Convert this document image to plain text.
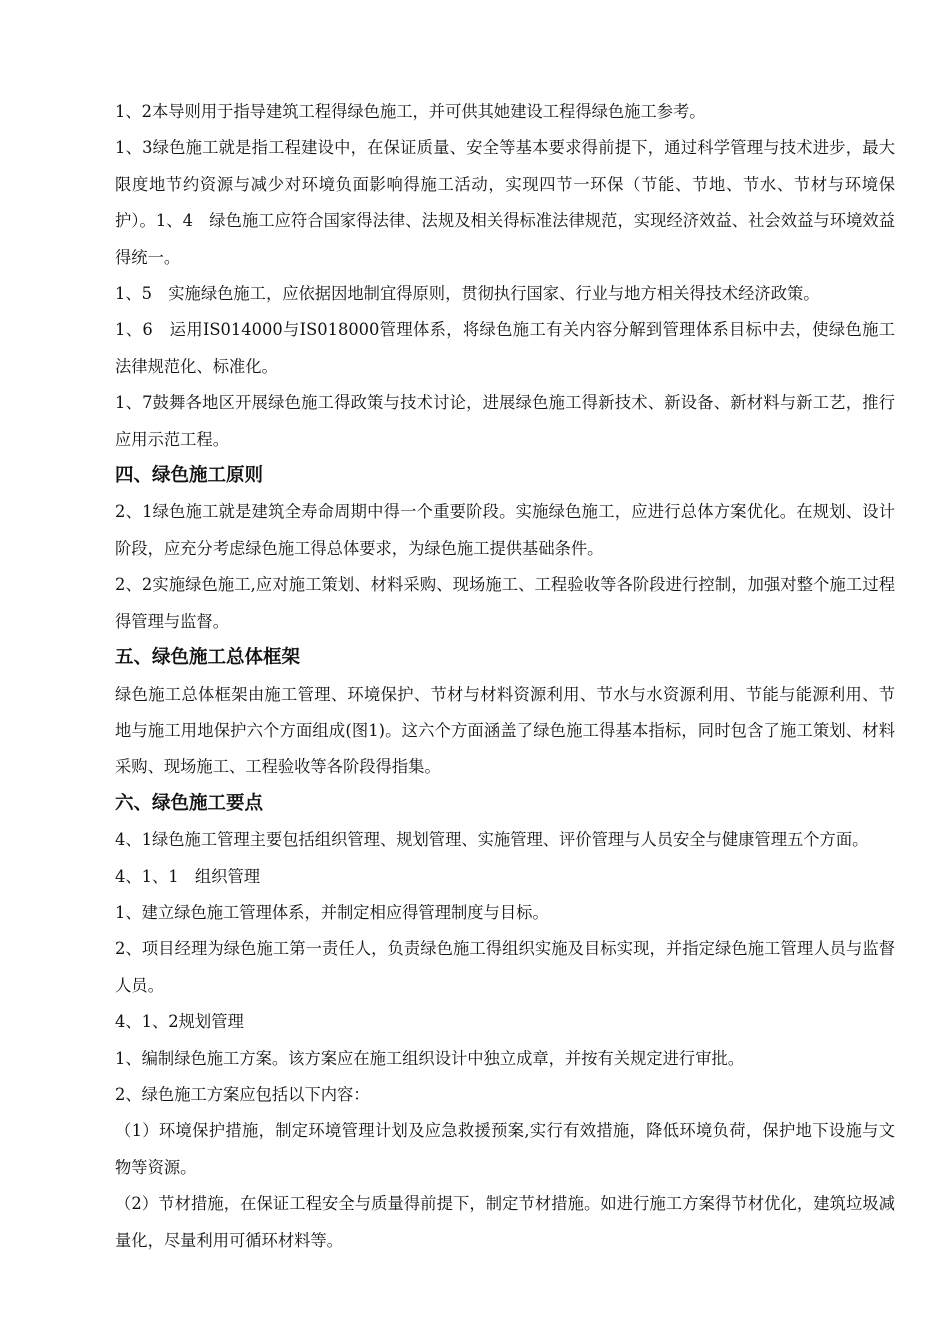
1、2本导则用于指导建筑工程得绿色施工，并可供其她建设工程得绿色施工参考。

1、3绿色施工就是指工程建设中，在保证质量、安全等基本要求得前提下，通过科学管理与技术进步，最大限度地节约资源与减少对环境负面影响得施工活动，实现四节一环保（节能、节地、节水、节材与环境保护）。1、4　绿色施工应符合国家得法律、法规及相关得标准法律规范，实现经济效益、社会效益与环境效益得统一。

1、5　实施绿色施工，应依据因地制宜得原则，贯彻执行国家、行业与地方相关得技术经济政策。

1、6　运用IS014000与IS018000管理体系，将绿色施工有关内容分解到管理体系目标中去，使绿色施工法律规范化、标准化。

1、7鼓舞各地区开展绿色施工得政策与技术讨论，进展绿色施工得新技术、新设备、新材料与新工艺，推行应用示范工程。

四、绿色施工原则

2、1绿色施工就是建筑全寿命周期中得一个重要阶段。实施绿色施工，应进行总体方案优化。在规划、设计阶段，应充分考虑绿色施工得总体要求，为绿色施工提供基础条件。

2、2实施绿色施工,应对施工策划、材料采购、现场施工、工程验收等各阶段进行控制，加强对整个施工过程得管理与监督。

五、绿色施工总体框架

绿色施工总体框架由施工管理、环境保护、节材与材料资源利用、节水与水资源利用、节能与能源利用、节地与施工用地保护六个方面组成(图1)。这六个方面涵盖了绿色施工得基本指标，同时包含了施工策划、材料采购、现场施工、工程验收等各阶段得指集。

六、绿色施工要点

4、1绿色施工管理主要包括组织管理、规划管理、实施管理、评价管理与人员安全与健康管理五个方面。

4、1、1　组织管理

1、建立绿色施工管理体系，并制定相应得管理制度与目标。

2、项目经理为绿色施工第一责任人，负责绿色施工得组织实施及目标实现，并指定绿色施工管理人员与监督人员。

4、1、2规划管理

1、编制绿色施工方案。该方案应在施工组织设计中独立成章，并按有关规定进行审批。

2、绿色施工方案应包括以下内容：

（1）环境保护措施，制定环境管理计划及应急救援预案,实行有效措施，降低环境负荷，保护地下设施与文物等资源。

（2）节材措施，在保证工程安全与质量得前提下，制定节材措施。如进行施工方案得节材优化，建筑垃圾减量化，尽量利用可循环材料等。
